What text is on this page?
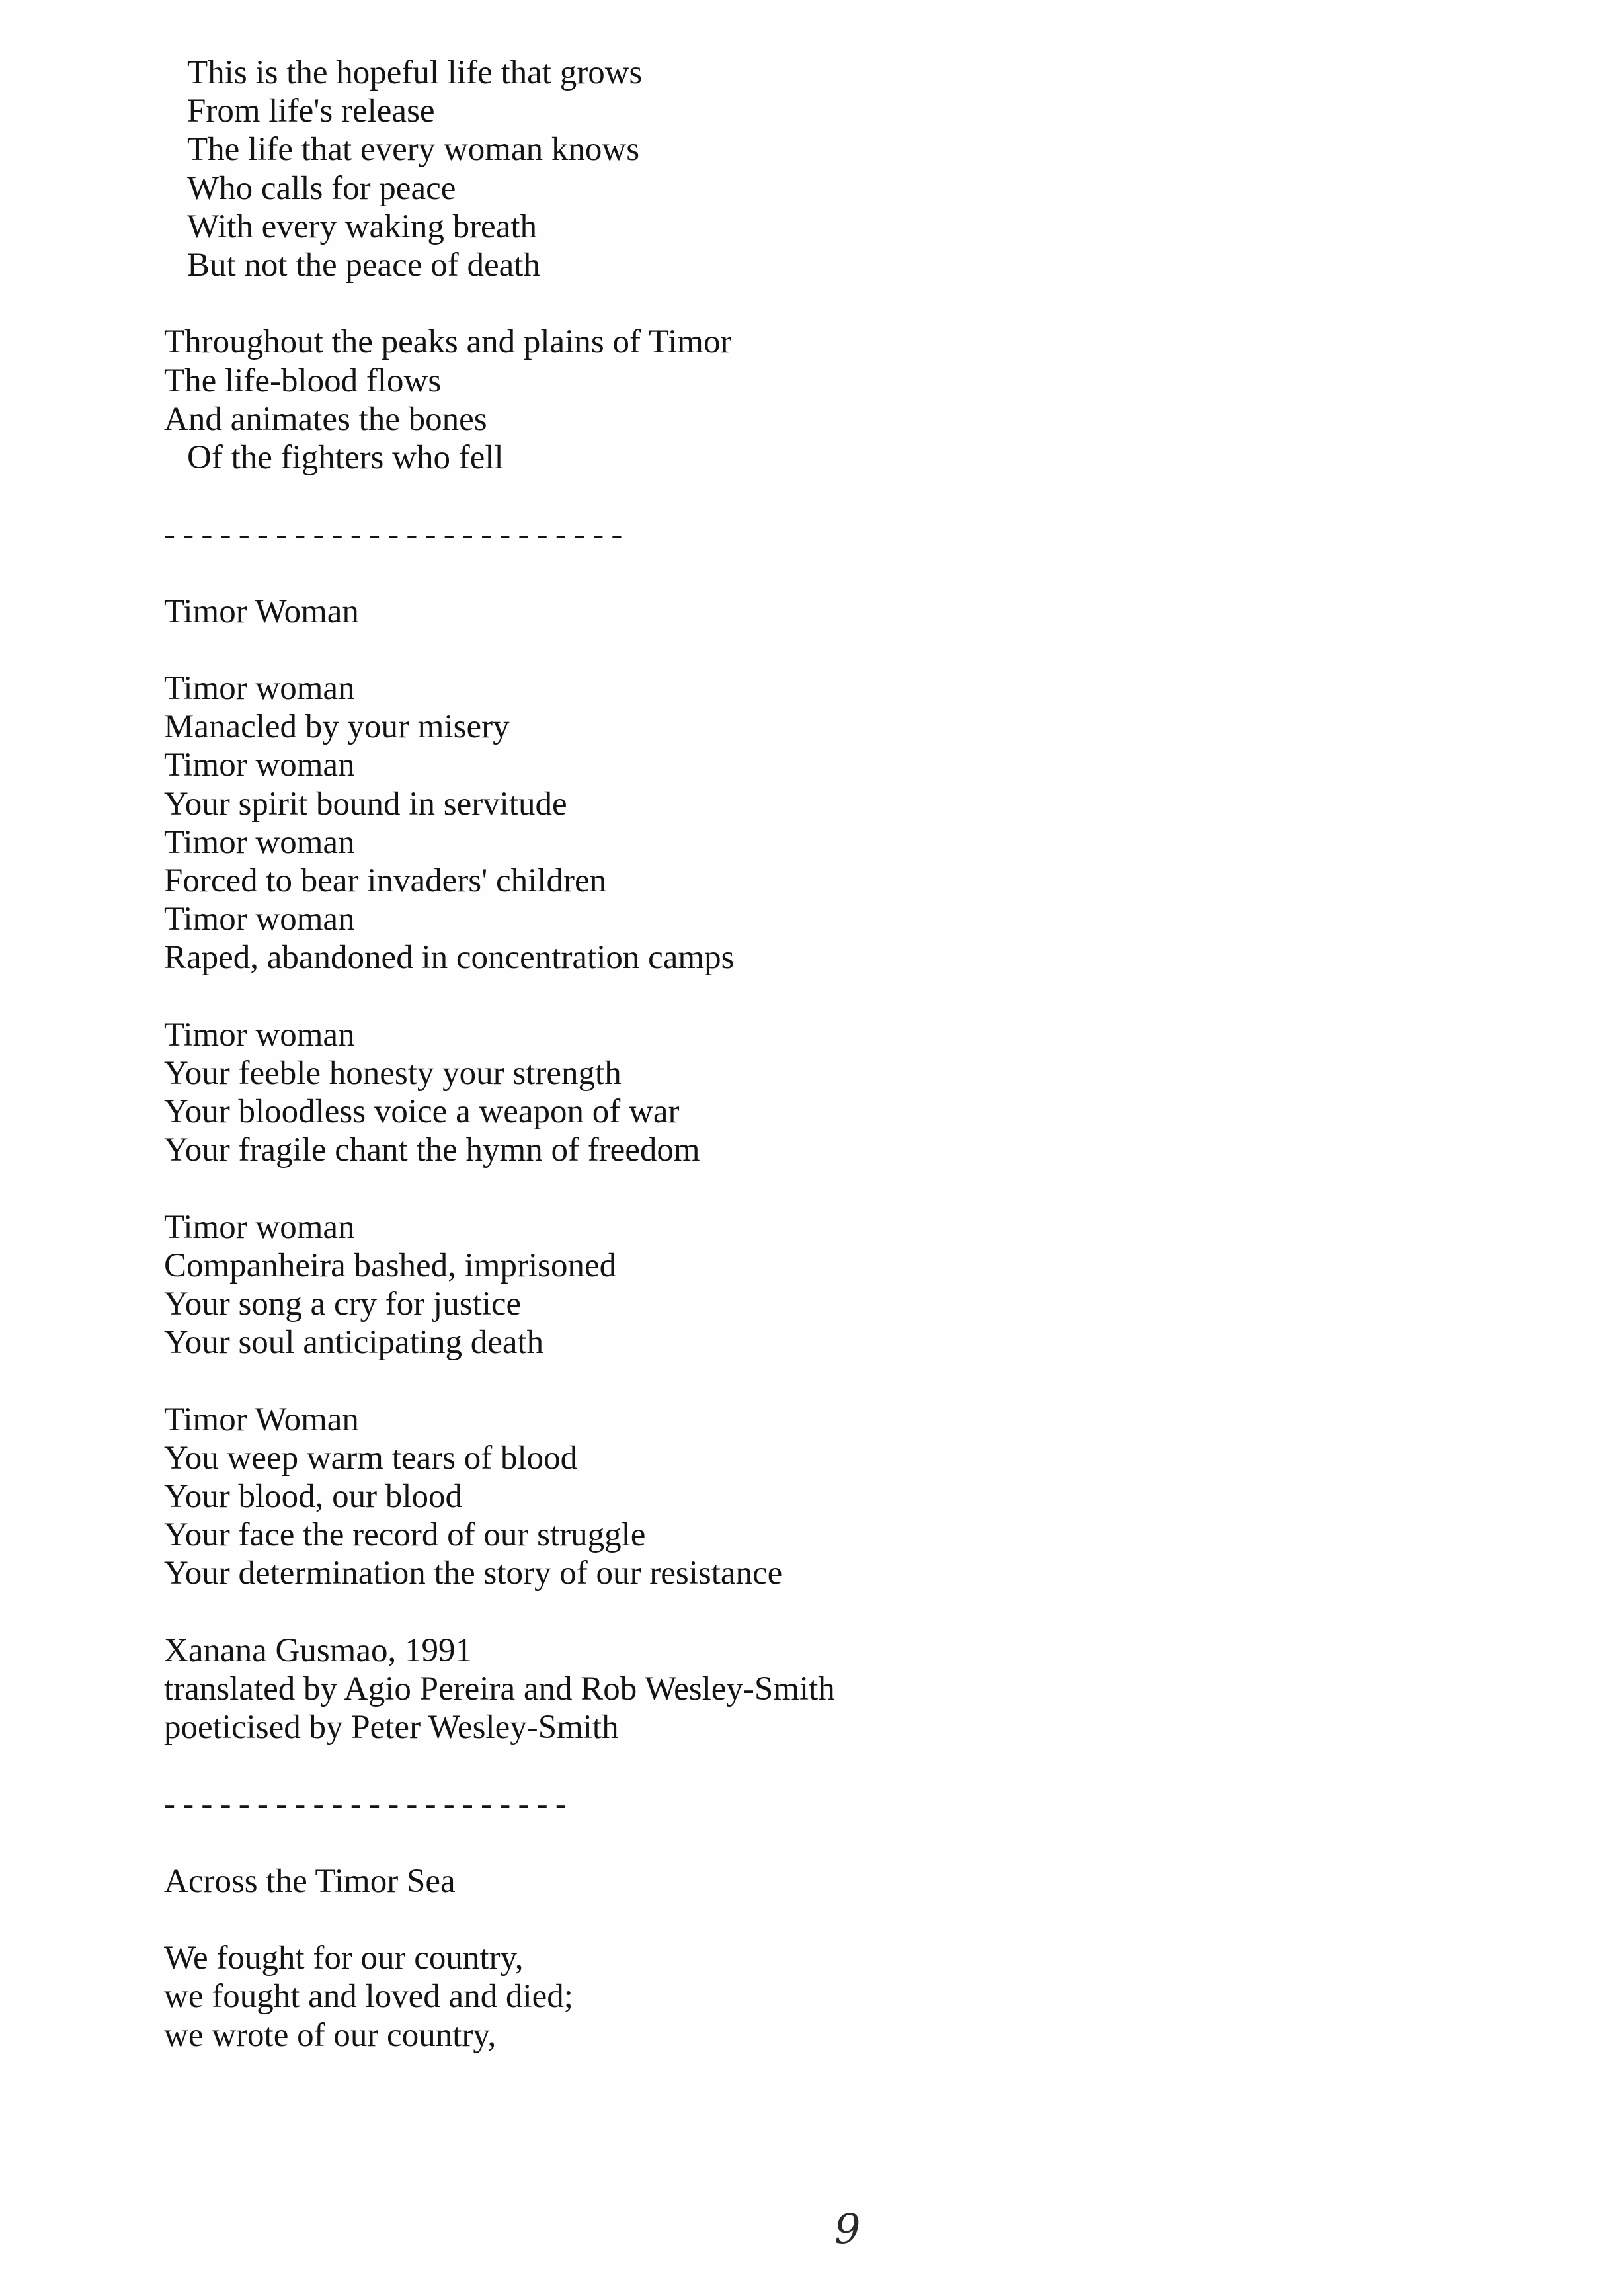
This is the hopeful life that grows
From life's release
The life that every woman knows
Who calls for peace
With every waking breath
But not the peace of death
Throughout the peaks and plains of Timor
The life-blood flows
And animates the bones
Of the fighters who fell
-------------------------
Timor Woman
Timor woman
Manacled by your misery
Timor woman
Your spirit bound in servitude
Timor woman
Forced to bear invaders' children
Timor woman
Raped, abandoned in concentration camps
Timor woman
Your feeble honesty your strength
Your bloodless voice a weapon of war
Your fragile chant the hymn of freedom
Timor woman
Companheira bashed, imprisoned
Your song a cry for justice
Your soul anticipating death
Timor Woman
You weep warm tears of blood
Your blood, our blood
Your face the record of our struggle
Your determination the story of our resistance
Xanana Gusmao, 1991
translated by Agio Pereira and Rob Wesley-Smith
poeticised by Peter Wesley-Smith
----------------------
Across the Timor Sea
We fought for our country,
we fought and loved and died;
we wrote of our country,
9
